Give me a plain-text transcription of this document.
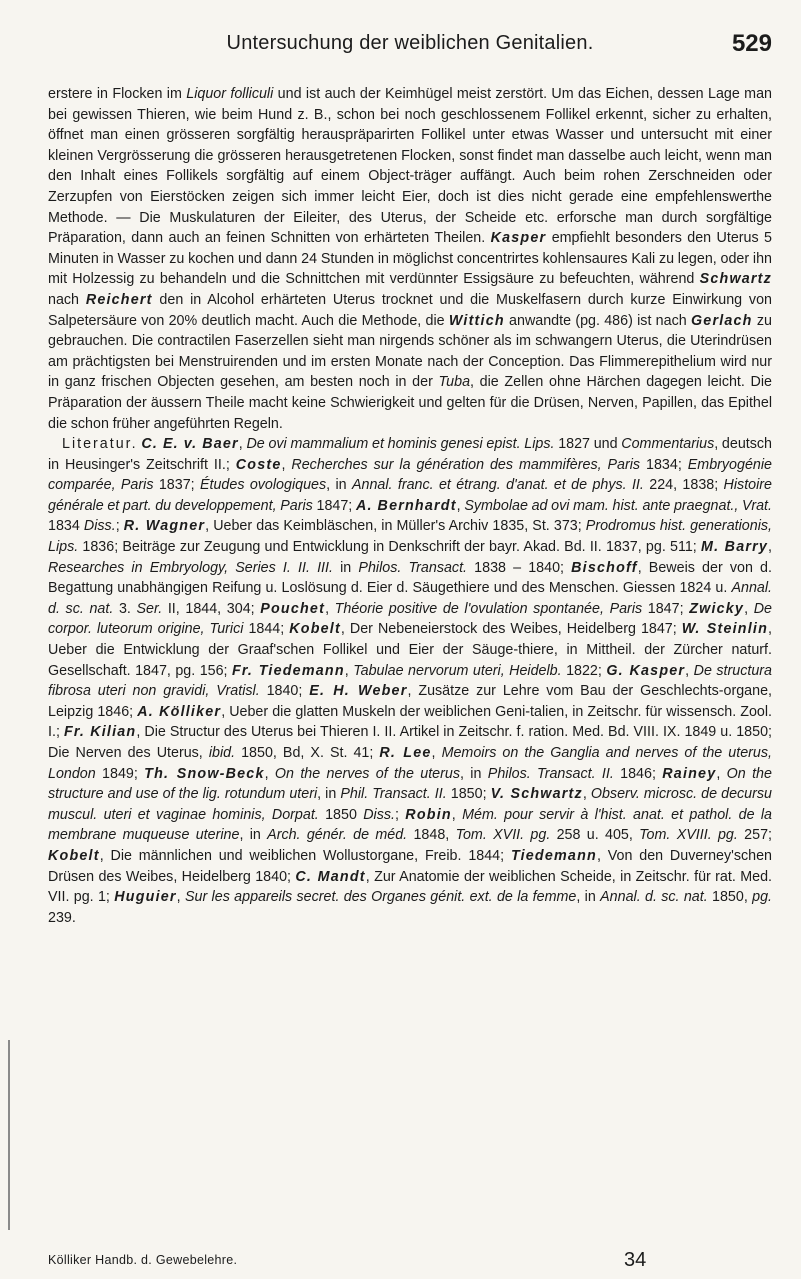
Untersuchung der weiblichen Genitalien.	529

erstere in Flocken im Liquor folliculi und ist auch der Keimhügel meist zerstört. Um das Eichen, dessen Lage man bei gewissen Thieren, wie beim Hund z. B., schon bei noch geschlossenem Follikel erkennt, sicher zu erhalten, öffnet man einen grösseren sorgfältig herauspräparirten Follikel unter etwas Wasser und untersucht mit einer kleinen Vergrösserung die grösseren herausgetretenen Flocken, sonst findet man dasselbe auch leicht, wenn man den Inhalt eines Follikels sorgfältig auf einem Object-träger auffängt. Auch beim rohen Zerschneiden oder Zerzupfen von Eierstöcken zeigen sich immer leicht Eier, doch ist dies nicht gerade eine empfehlenswerthe Methode. — Die Muskulaturen der Eileiter, des Uterus, der Scheide etc. erforsche man durch sorgfältige Präparation, dann auch an feinen Schnitten von erhärteten Theilen. Kasper empfiehlt besonders den Uterus 5 Minuten in Wasser zu kochen und dann 24 Stunden in möglichst concentrirtes kohlensaures Kali zu legen, oder ihn mit Holzessig zu behandeln und die Schnittchen mit verdünnter Essigsäure zu befeuchten, während Schwartz nach Reichert den in Alcohol erhärteten Uterus trocknet und die Muskelfasern durch kurze Einwirkung von Salpetersäure von 20% deutlich macht. Auch die Methode, die Wittich anwandte (pg. 486) ist nach Gerlach zu gebrauchen. Die contractilen Faserzellen sieht man nirgends schöner als im schwangern Uterus, die Uterindrüsen am prächtigsten bei Menstruirenden und im ersten Monate nach der Conception. Das Flimmerepithelium wird nur in ganz frischen Objecten gesehen, am besten noch in der Tuba, die Zellen ohne Härchen dagegen leicht. Die Präparation der äussern Theile macht keine Schwierigkeit und gelten für die Drüsen, Nerven, Papillen, das Epithel die schon früher angeführten Regeln.

Literatur. C. E. v. Baer, De ovi mammalium et hominis genesi epist. Lips. 1827 und Commentarius, deutsch in Heusinger's Zeitschrift II.; Coste, Recherches sur la génération des mammifères, Paris 1834; Embryogénie comparée, Paris 1837; Études ovologiques, in Annal. franc. et étrang. d'anat. et de phys. II. 224, 1838; Histoire générale et part. du developpement, Paris 1847; A. Bernhardt, Symbolae ad ovi mam. hist. ante praegnat., Vrat. 1834 Diss.; R. Wagner, Ueber das Keimbläschen, in Müller's Archiv 1835, St. 373; Prodromus hist. generationis, Lips. 1836; Beiträge zur Zeugung und Entwicklung in Denkschrift der bayr. Akad. Bd. II. 1837, pg. 511; M. Barry, Researches in Embryology, Series I. II. III. in Philos. Transact. 1838 – 1840; Bischoff, Beweis der von d. Begattung unabhängigen Reifung u. Loslösung d. Eier d. Säugethiere und des Menschen. Giessen 1824 u. Annal. d. sc. nat. 3. Ser. II, 1844, 304; Pouchet, Théorie positive de l'ovulation spontanée, Paris 1847; Zwicky, De corpor. luteorum origine, Turici 1844; Kobelt, Der Nebeneierstock des Weibes, Heidelberg 1847; W. Steinlin, Ueber die Entwicklung der Graaf'schen Follikel und Eier der Säuge-thiere, in Mittheil. der Zürcher naturf. Gesellschaft. 1847, pg. 156; Fr. Tiedemann, Tabulae nervorum uteri, Heidelb. 1822; G. Kasper, De structura fibrosa uteri non gravidi, Vratisl. 1840; E. H. Weber, Zusätze zur Lehre vom Bau der Geschlechts-organe, Leipzig 1846; A. Kölliker, Ueber die glatten Muskeln der weiblichen Geni-talien, in Zeitschr. für wissensch. Zool. I.; Fr. Kilian, Die Structur des Uterus bei Thieren I. II. Artikel in Zeitschr. f. ration. Med. Bd. VIII. IX. 1849 u. 1850; Die Nerven des Uterus, ibid. 1850, Bd, X. St. 41; R. Lee, Memoirs on the Ganglia and nerves of the uterus, London 1849; Th. Snow-Beck, On the nerves of the uterus, in Philos. Transact. II. 1846; Rainey, On the structure and use of the lig. rotundum uteri, in Phil. Transact. II. 1850; V. Schwartz, Observ. microsc. de decursu muscul. uteri et vaginae hominis, Dorpat. 1850 Diss.; Robin, Mém. pour servir à l'hist. anat. et pathol. de la membrane muqueuse uterine, in Arch. génér. de méd. 1848, Tom. XVII. pg. 258 u. 405, Tom. XVIII. pg. 257; Kobelt, Die männlichen und weiblichen Wollustorgane, Freib. 1844; Tiedemann, Von den Duverney'schen Drüsen des Weibes, Heidelberg 1840; C. Mandt, Zur Anatomie der weiblichen Scheide, in Zeitschr. für rat. Med. VII. pg. 1; Huguier, Sur les appareils secret. des Organes génit. ext. de la femme, in Annal. d. sc. nat. 1850, pg. 239.

Kölliker Handb. d. Gewebelehre.	34
